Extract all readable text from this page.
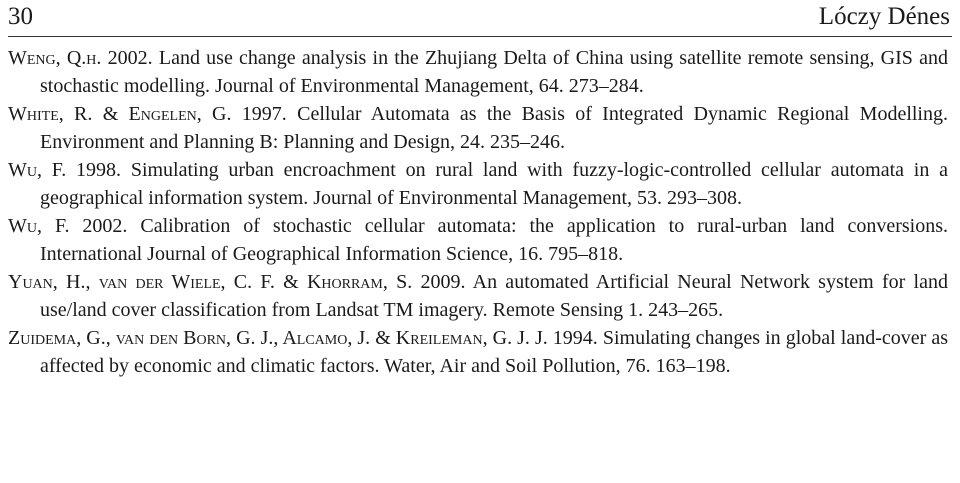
30	Lóczy Dénes
Weng, Q.h. 2002. Land use change analysis in the Zhujiang Delta of China using satellite remote sensing, GIS and stochastic modelling. Journal of Environmental Management, 64. 273–284.
White, R. & Engelen, G. 1997. Cellular Automata as the Basis of Integrated Dynamic Regional Modelling. Environment and Planning B: Planning and Design, 24. 235–246.
Wu, F. 1998. Simulating urban encroachment on rural land with fuzzy-logic-controlled cellular automata in a geographical information system. Journal of Environmental Management, 53. 293–308.
Wu, F. 2002. Calibration of stochastic cellular automata: the application to rural-urban land conversions. International Journal of Geographical Information Science, 16. 795–818.
Yuan, H., van der Wiele, C. F. & Khorram, S. 2009. An automated Artificial Neural Network system for land use/land cover classification from Landsat TM imagery. Remote Sensing 1. 243–265.
Zuidema, G., van den Born, G. J., Alcamo, J. & Kreileman, G. J. J. 1994. Simulating changes in global land-cover as affected by economic and climatic factors. Water, Air and Soil Pollution, 76. 163–198.
